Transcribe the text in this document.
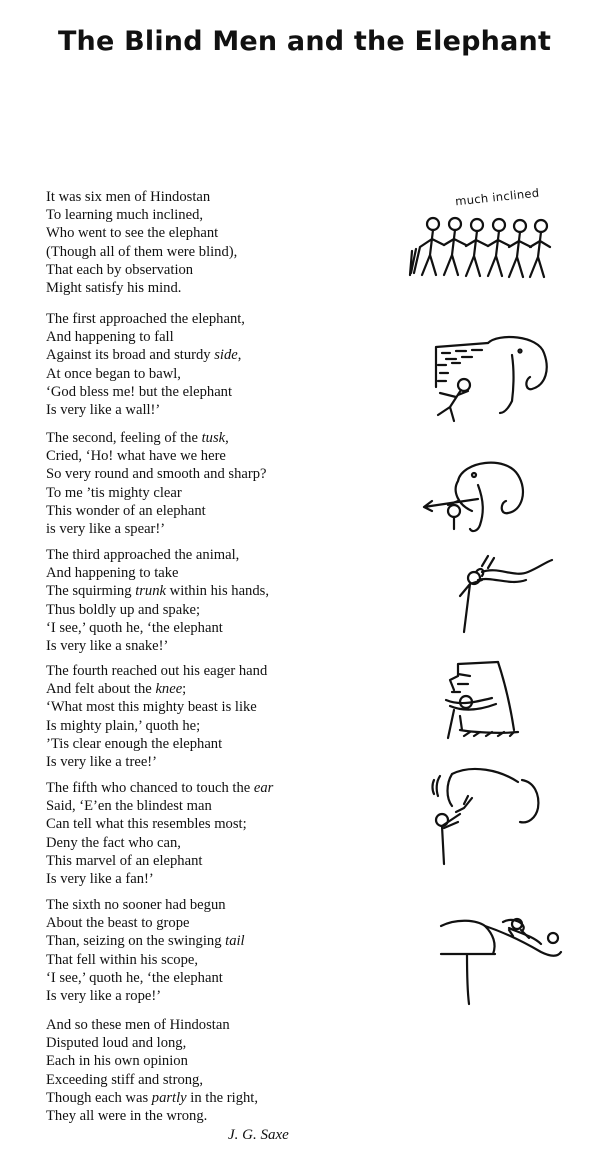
The Blind Men and the Elephant
It was six men of Hindostan
To learning much inclined,
Who went to see the elephant
(Though all of them were blind),
That each by observation
Might satisfy his mind.
The first approached the elephant,
And happening to fall
Against its broad and sturdy side,
At once began to bawl,
‘God bless me! but the elephant
Is very like a wall!’
The second, feeling of the tusk,
Cried, ‘Ho! what have we here
So very round and smooth and sharp?
To me ’tis mighty clear
This wonder of an elephant
is very like a spear!’
The third approached the animal,
And happening to take
The squirming trunk within his hands,
Thus boldly up and spake;
‘I see,’ quoth he, ‘the elephant
Is very like a snake!’
The fourth reached out his eager hand
And felt about the knee;
‘What most this mighty beast is like
Is mighty plain,’ quoth he;
’Tis clear enough the elephant
Is very like a tree!’
The fifth who chanced to touch the ear
Said, ‘E’en the blindest man
Can tell what this resembles most;
Deny the fact who can,
This marvel of an elephant
Is very like a fan!’
The sixth no sooner had begun
About the beast to grope
Than, seizing on the swinging tail
That fell within his scope,
‘I see,’ quoth he, ‘the elephant
Is very like a rope!’
And so these men of Hindostan
Disputed loud and long,
Each in his own opinion
Exceeding stiff and strong,
Though each was partly in the right,
They all were in the wrong.
J. G. Saxe
much inclined
